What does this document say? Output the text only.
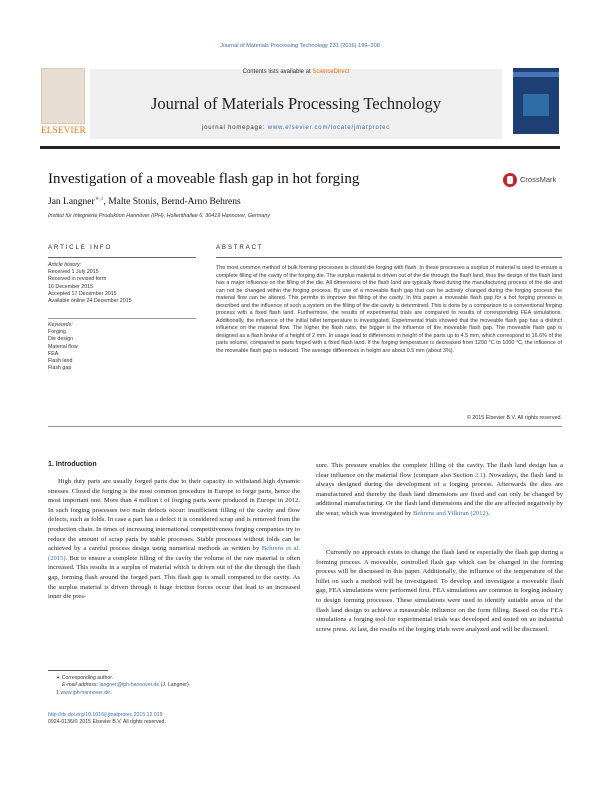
Journal of Materials Processing Technology 231 (2016) 199–208
ELSEVIER
Contents lists available at ScienceDirect
Journal of Materials Processing Technology
journal homepage: www.elsevier.com/locate/jmatprotec
Investigation of a moveable flash gap in hot forging	CrossMark
Jan Langner$^{∗,1}$, Malte Stonis, Bernd-Arno Behrens
Institut für Integrierte Produktion Hannover (IPH), Hollerithallee 6, 30419 Hannover, Germany
ARTICLE INFO
Article history:
Received 1 July 2015
Received in revised form
16 December 2015
Accepted 17 December 2015
Available online 24 December 2015
Keywords:
Forging
Die design
Material flow
FEA
Flash land
Flash gap
ABSTRACT

The most common method of bulk forming processes is closed die forging with flash. In these processes a surplus of material is used to ensure a complete filling of the cavity of the forging die. The surplus material is driven out of the die through the flash land, thus the design of the flash land has a major influence on the filling of the die. All dimensions of the flash land are typically fixed during the manufacturing process of the die and can not be changed within the forging process. By use of a moveable flash gap that can be actively changed during the forging process the material flow can be altered. This permits to improve the filling of the cavity. In this paper a moveable flash gap for a hot forging process is described and the influence of such a system on the filling of the die cavity is determined. This is done by a comparison to a conventional forging process with a fixed flash land. Furthermore, the results of experimental trials are compared to results of corresponding FEA simulations. Additionally, the influence of the initial billet temperature is investigated. Experimental trials showed that the moveable flash gap has a distinct influence on the material flow. The higher the flash ratio, the bigger is the influence of the moveable flash gap. The moveable flash gap is designed as a flash brake of a height of 2 mm. In usage lead to differences in height of the parts up to 4.5 mm, which correspond to 16.6% of the parts volume, compared to parts forged with a fixed flash land. If the forging temperature is decreased from 1200 °C to 1000 °C, the influence of the moveable flash gap is reduced. The average differences in height are about 0.5 mm (about 3%).

© 2015 Elsevier B.V. All rights reserved.
1. Introduction

High duty parts are usually forged parts due to their capacity to withstand high dynamic stresses. Closed die forging is the most common procedure in Europe to forge parts, hence the most important one. More than 4 million t of forging parts were produced in Europe in 2012. In such forging processes two main defects occur: insufficient filling of the cavity and flow defects, such as folds. In case a part has a defect it is considered scrap and is removed from the production chain. In times of increasing international competitiveness forging companies try to reduce the amount of scrap parts by stable processes. Stable processes without folds can be achieved by a careful process design using numerical methods as written by Behrens et al. (2015). But to ensure a complete filling of the cavity the volume of the raw material is often increased. This results in a surplus of material which is driven out of the die through the flash gap, forming flash around the forged part. This flash gap is small compared to the cavity. As the surplus material is driven through it huge friction forces occur that lead to an increased inner die pres-

sure. This pressure enables the complete filling of the cavity. The flash land design has a clear influence on the material flow (compare also Section 2.1). Nowadays, the flash land is always designed during the development of a forging process. Afterwards the dies are manufactured and thereby the flash land dimensions are fixed and can only be changed by additional manufacturing. Or the flash land dimensions and the die are affected negatively by die wear, which was investigated by Behrens and Yilkiran (2012).

Currently no approach exists to change the flash land or especially the flash gap during a forming process. A moveable, controlled flash gap which can be changed in the forming process will be discussed in this paper. Additionally, the influence of the temperature of the billet on such a method will be investigated. To develop and investigate a moveable flash gap, FEA simulations were performed first. FEA simulations are common in forging industry to design forming processes. These simulations were used to identify suitable areas of the flash land design to achieve a measurable influence on the form filling. Based on the FEA simulations a forging tool for experimental trials was developed and tested on an industrial screw press. At last, the results of the forging trials were analyzed and will be discussed.

∗ Corresponding author.
E-mail address: langner@iph-hannover.de (J. Langner).
1 www.iph-hannover.de.
http://dx.doi.org/10.1016/j.jmatprotec.2015.12.019
0924-0136/© 2015 Elsevier B.V. All rights reserved.
